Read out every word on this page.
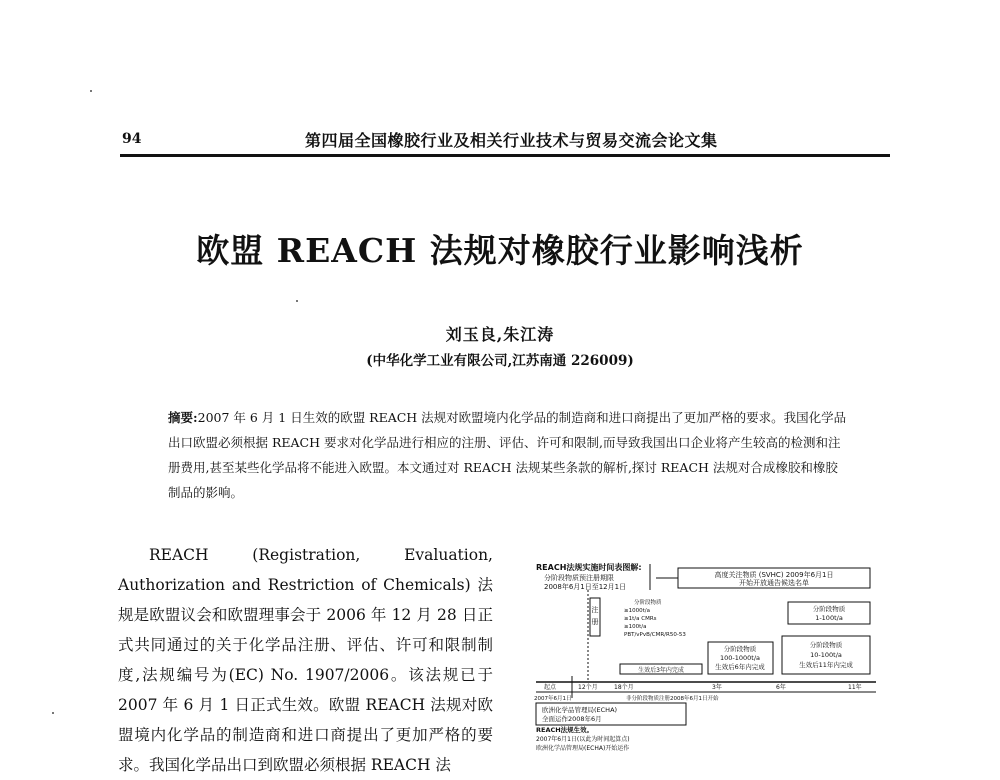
94	第四届全国橡胶行业及相关行业技术与贸易交流会论文集
欧盟 REACH 法规对橡胶行业影响浅析
刘玉良,朱江涛
(中华化学工业有限公司,江苏南通 226009)
摘要:2007 年 6 月 1 日生效的欧盟 REACH 法规对欧盟境内化学品的制造商和进口商提出了更加严格的要求。我国化学品出口欧盟必须根据 REACH 要求对化学品进行相应的注册、评估、许可和限制,而导致我国出口企业将产生较高的检测和注册费用,甚至某些化学品将不能进入欧盟。本文通过对 REACH 法规某些条款的解析,探讨 REACH 法规对合成橡胶和橡胶制品的影响。

REACH (Registration, Evaluation, Authorization and Restriction of Chemicals) 法规是欧盟议会和欧盟理事会于 2006 年 12 月 28 日正式共同通过的关于化学品注册、评估、许可和限制制度,法规编号为(EC) No. 1907/2006。该法规已于 2007 年 6 月 1 日正式生效。欧盟 REACH 法规对欧盟境内化学品的制造商和进口商提出了更加严格的要求。我国化学品出口到欧盟必须根据 REACH 法

REACH法规实施时间表图解:
分阶段物质预注册期限
2008年6月1日至12月1日
高度关注物质 (SVHC) 2009年6月1日
开始开放通告候选名单
注
册
分阶段物质
≥1000t/a
≥1t/a CMRs
≥100t/a
PBT/vPvB/CMR/R50-53
分阶段物质
1-100t/a
分阶段物质
100-1000t/a
生效后6年内完成
分阶段物质
10-100t/a
生效后11年内完成
生效后3年内完成
起点	12个月	18个月	3年	6年	11年
2007年6月1日	非分阶段物质注册2008年6月1日开始
欧洲化学品管理局(ECHA)
全面运作2008年6月
REACH法规生效。
2007年6月1日(以此为时间起算点)
欧洲化学品管理局(ECHA)开始运作
